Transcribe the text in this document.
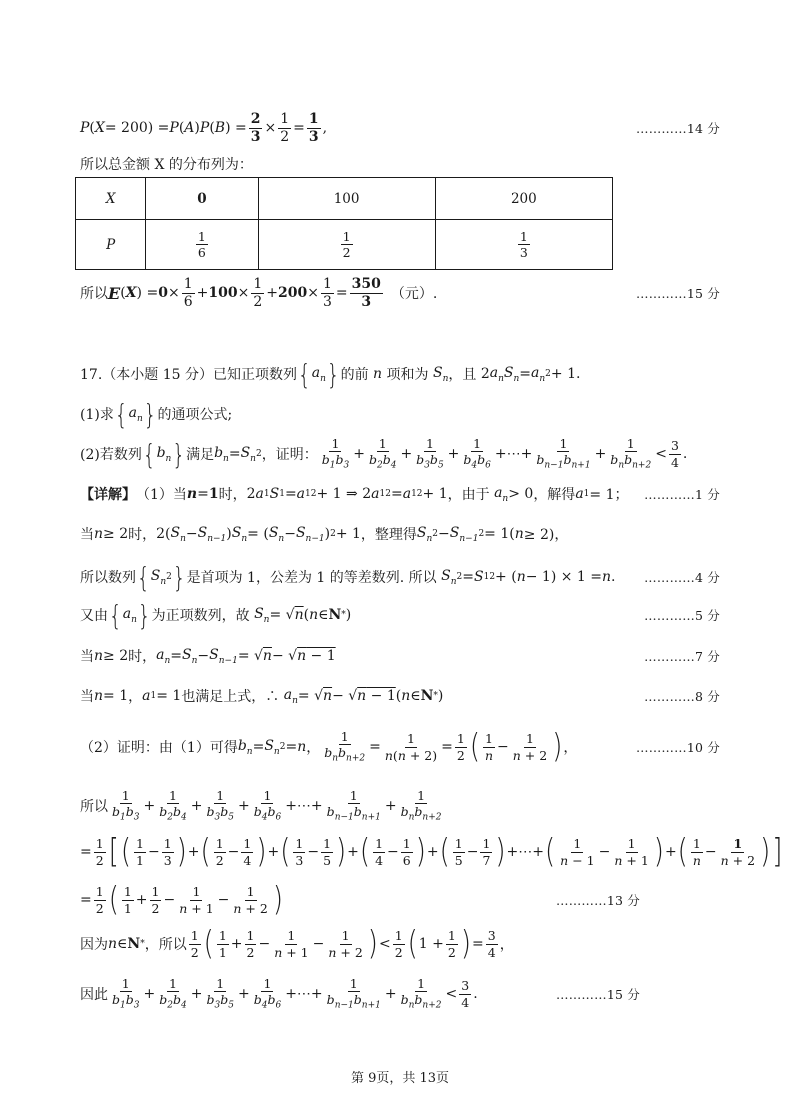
P ( X = 200) = P ( A ) P ( B ) = $\frac{2}{3} \times \frac{1}{2} = \frac{1}{3}$ ,	…………14 分
所以总金额 X 的分布列为：
X	0	100	200
P	$\frac{1}{6}$	$\frac{1}{2}$	$\frac{1}{3}$
所以 E ( X ) = $0 \times \frac{1}{6} + 100 \times \frac{1}{2} + 200 \times \frac{1}{3} = \frac{350}{3}$ （元）.	…………15 分
17.（本小题 15 分）已知正项数列 { $a_n$ } 的前 n 项和为 $S_n$ ，且 2 $a_nS_n = a_n$ 2 + 1.
(1)求 { $a_n$ } 的通项公式;
(2)若数列 { $b_n$ } 满足 $b_n = S_n$ 2 ，证明： $\frac{1}{b_1b_3} + \frac{1}{b_2b_4} + \frac{1}{b_3b_5} + \frac{1}{b_4b_6}$ +⋯+ $\frac{1}{b_{n-1}b_{n+1}} + \frac{1}{b_nb_{n+2}} < \frac{3}{4}$ .
【详解】 （1）当 n = 1 时， 2 a 1 S 1 = a 1 2 + 1 ⇒ 2 a 1 2 = a 1 2 + 1 ，由于 $a_n > 0$ ，解得 a 1 = 1； …………1 分
当 n ≥ 2 时， 2( $S_n - S_{n-1}$ ) $S_n$ = ( $S_n - S_{n-1}$ ) 2 + 1 ，整理得 $S_n$ $2 - S_{n-1}$ 2 = 1( n ≥ 2)，
所以数列 { $S_n$ 2 } 是首项为 1，公差为 1 的等差数列. 所以
$S_n$ 2 = S 1 2 + ( n − 1) × 1 = n . …………4 分
又由 { $a_n$ } 为正项数列，故
$S_n$ = √ n ( n ∈ N * )	…………5 分
当 n ≥ 2 时， $a_n = S_n - S_{n-1}$ = √ n − √ n − 1	…………7 分
当 n = 1 ， a 1 = 1 也满足上式，∴
$a_n$ = √ n − √ n − 1 ( n ∈ N * )	…………8 分
（2）证明：由（1）可得 $b_n = S_n$ 2 = n ， $\frac{1}{b_nb_{n+2}} = \frac{1}{n(n + 2)} = \frac{1}{2}$ ( $\frac{1}{n} - \frac{1}{n + 2}$ ) ，	…………10 分
所以 $\frac{1}{b_1b_3} + \frac{1}{b_2b_4} + \frac{1}{b_3b_5} + \frac{1}{b_4b_6}$ +⋯+ $\frac{1}{b_{n-1}b_{n+1}} + \frac{1}{b_nb_{n+2}}$
= $\frac{1}{2}$ [ ( $\frac{1}{1} - \frac{1}{3}$ ) + ( $\frac{1}{2} - \frac{1}{4}$ ) + ( $\frac{1}{3} - \frac{1}{5}$ ) + ( $\frac{1}{4} - \frac{1}{6}$ ) + ( $\frac{1}{5} - \frac{1}{7}$ ) +⋯+ ( $\frac{1}{n - 1} - \frac{1}{n + 1}$ ) + ( $\frac{1}{n} - \frac{1}{n + 2}$ ) ]
= $\frac{1}{2}$ ( $\frac{1}{1} + \frac{1}{2} - \frac{1}{n + 1} - \frac{1}{n + 2}$ )	…………13 分
因为 n ∈ N * ，所以 $\frac{1}{2}$ ( $\frac{1}{1} + \frac{1}{2} - \frac{1}{n + 1} - \frac{1}{n + 2}$ ) < $\frac{1}{2}$ ( $1 + \frac{1}{2}$ ) = $\frac{3}{4}$ ，
因此 $\frac{1}{b_1b_3} + \frac{1}{b_2b_4} + \frac{1}{b_3b_5} + \frac{1}{b_4b_6}$ +⋯+ $\frac{1}{b_{n-1}b_{n+1}} + \frac{1}{b_nb_{n+2}} < \frac{3}{4}$ .	…………15 分
第 9页，共 13页
